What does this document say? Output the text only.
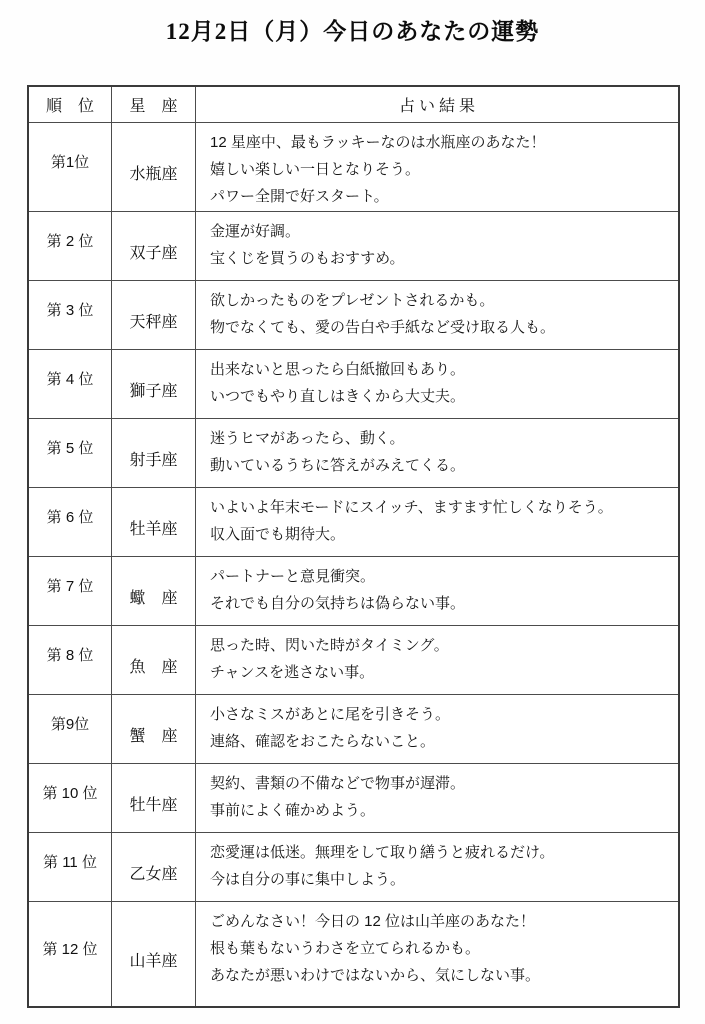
12月2日（月）今日のあなたの運勢
順　位	星　座	占 い 結 果
第1位
水瓶座
12 星座中、最もラッキーなのは水瓶座のあなた！
嬉しい楽しい一日となりそう。
パワー全開で好スタート。
第 2 位
双子座
金運が好調。
宝くじを買うのもおすすめ。
第 3 位
天秤座
欲しかったものをプレゼントされるかも。
物でなくても、愛の告白や手紙など受け取る人も。
第 4 位
獅子座
出来ないと思ったら白紙撤回もあり。
いつでもやり直しはきくから大丈夫。
第 5 位
射手座
迷うヒマがあったら、動く。
動いているうちに答えがみえてくる。
第 6 位
牡羊座
いよいよ年末モードにスイッチ、ますます忙しくなりそう。
収入面でも期待大。
第 7 位
蠍　座
パートナーと意見衝突。
それでも自分の気持ちは偽らない事。
第 8 位
魚　座
思った時、閃いた時がタイミング。
チャンスを逃さない事。
第9位
蟹　座
小さなミスがあとに尾を引きそう。
連絡、確認をおこたらないこと。
第 10 位
牡牛座
契約、書類の不備などで物事が遅滞。
事前によく確かめよう。
第 11 位
乙女座
恋愛運は低迷。無理をして取り繕うと疲れるだけ。
今は自分の事に集中しよう。
第 12 位
山羊座
ごめんなさい！今日の 12 位は山羊座のあなた！
根も葉もないうわさを立てられるかも。
あなたが悪いわけではないから、気にしない事。
